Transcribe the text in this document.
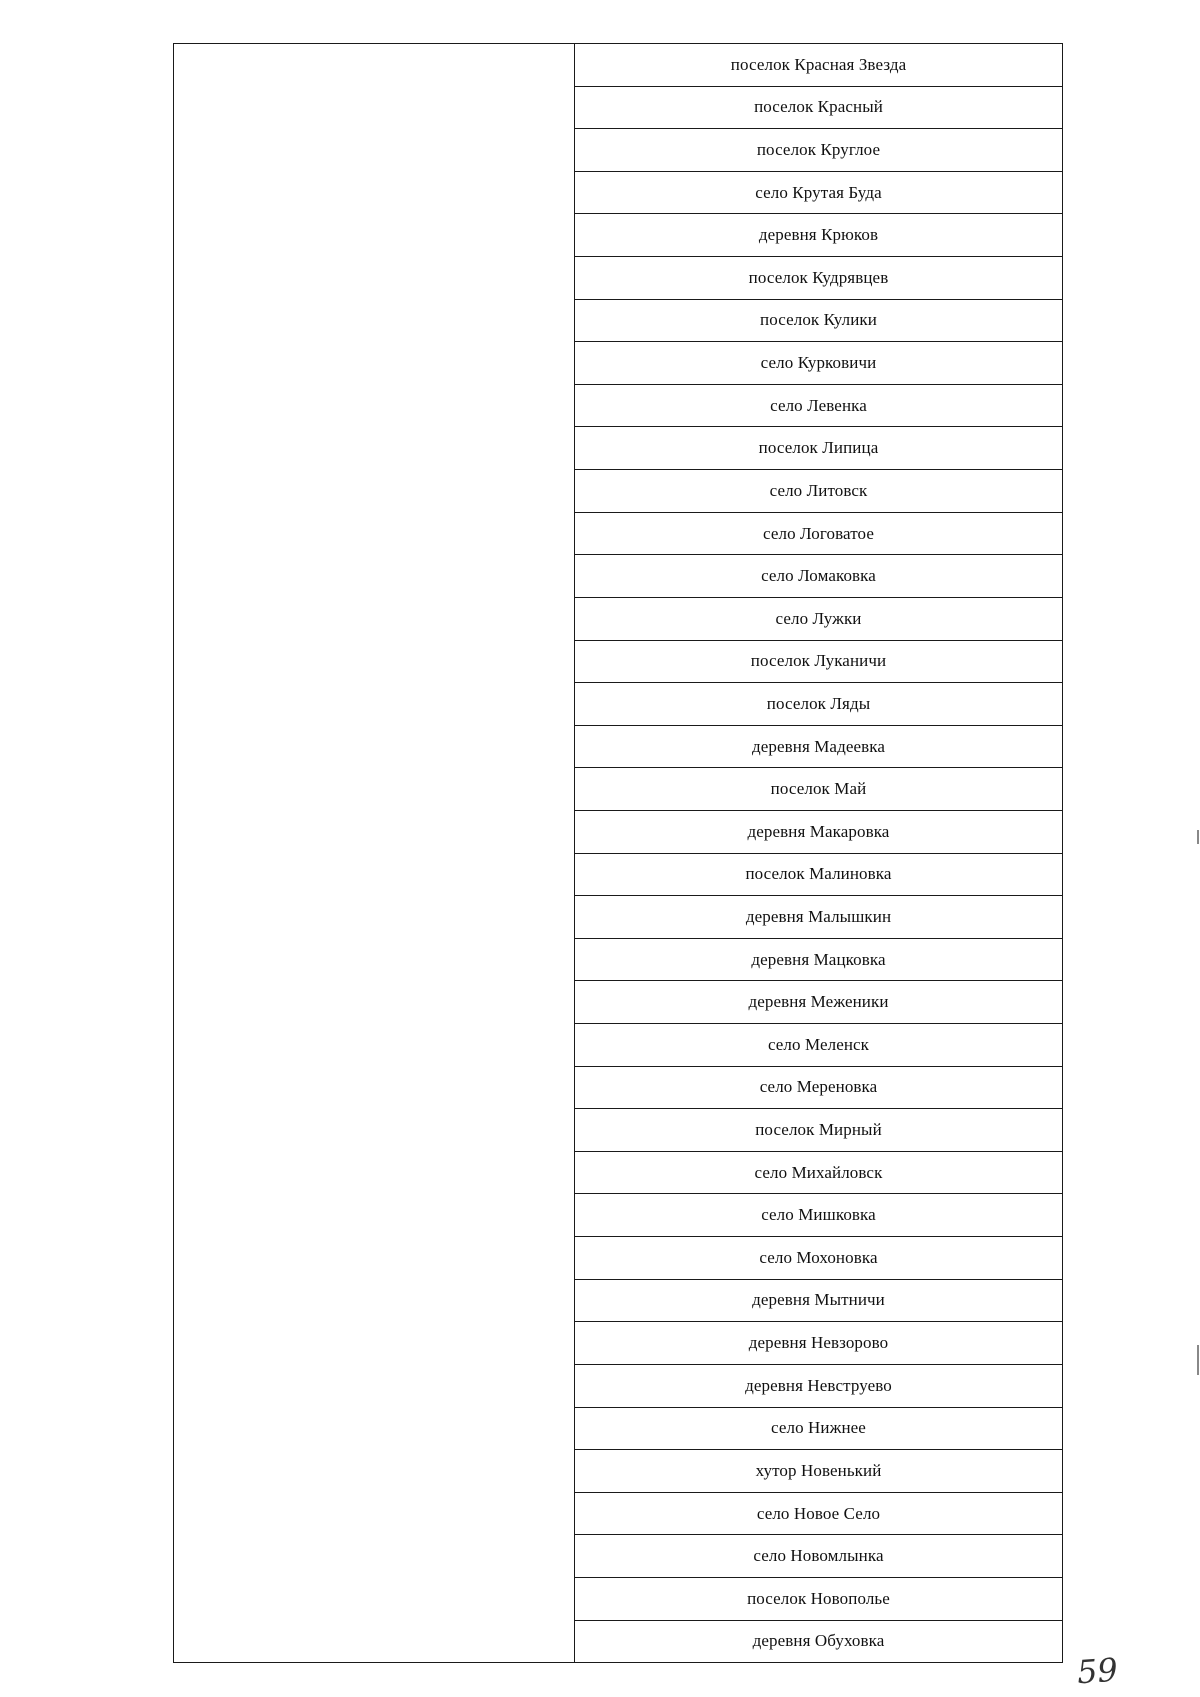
поселок Красная Звезда
поселок Красный
поселок Круглое
село Крутая Буда
деревня Крюков
поселок Кудрявцев
поселок Кулики
село Курковичи
село Левенка
поселок Липица
село Литовск
село Логоватое
село Ломаковка
село Лужки
поселок Луканичи
поселок Ляды
деревня Мадеевка
поселок Май
деревня Макаровка
поселок Малиновка
деревня Малышкин
деревня Мацковка
деревня Меженики
село Меленск
село Мереновка
поселок Мирный
село Михайловск
село Мишковка
село Мохоновка
деревня Мытничи
деревня Невзорово
деревня Невструево
село Нижнее
хутор Новенький
село Новое Село
село Новомлынка
поселок Новополье
деревня Обуховка
59
